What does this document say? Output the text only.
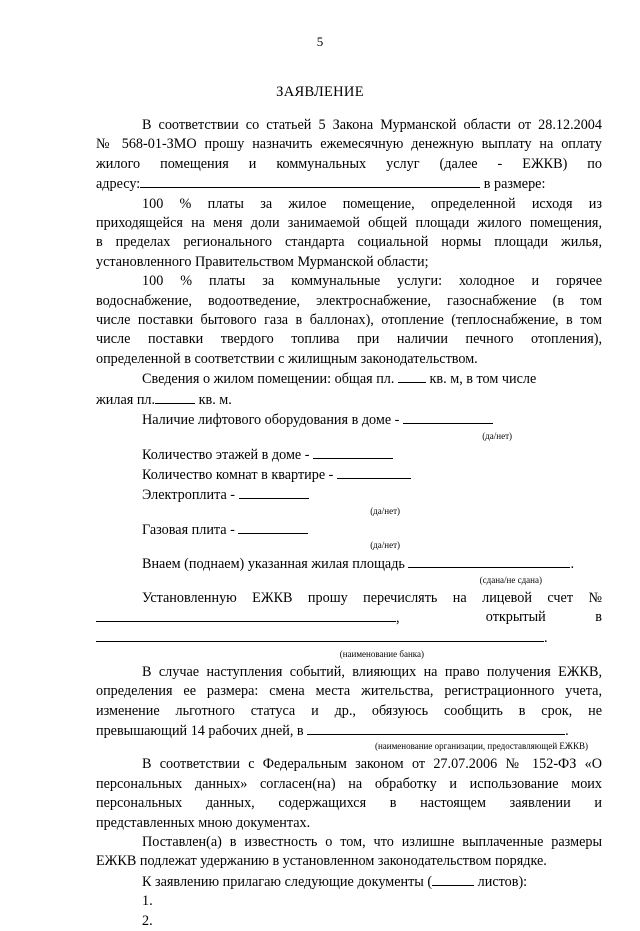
5
ЗАЯВЛЕНИЕ
В соответствии со статьей 5 Закона Мурманской области от 28.12.2004
№ 568-01-ЗМО прошу назначить ежемесячную денежную выплату на оплату
жилого помещения и коммунальных услуг (далее - ЕЖКВ) по
адресу:	в размере:
100 % платы за жилое помещение, определенной исходя из
приходящейся на меня доли занимаемой общей площади жилого помещения,
в пределах регионального стандарта социальной нормы площади жилья,
установленного Правительством Мурманской области;
100 % платы за коммунальные услуги: холодное и горячее
водоснабжение, водоотведение, электроснабжение, газоснабжение (в том
числе поставки бытового газа в баллонах), отопление (теплоснабжение, в том
числе поставки твердого топлива при наличии печного отопления),
определенной в соответствии с жилищным законодательством.
Сведения о жилом помещении: общая пл. кв. м, в том числе
жилая пл.	кв. м.
Наличие лифтового оборудования в доме -
(да/нет)
Количество этажей в доме -
Количество комнат в квартире -
Электроплита -
(да/нет)
Газовая плита -
(да/нет)
Внаем (поднаем) указанная жилая площадь	.
(сдана/не сдана)
Установленную ЕЖКВ прошу перечислять на лицевой счет №
,	открытый в
.
(наименование банка)
В случае наступления событий, влияющих на право получения ЕЖКВ,
определения ее размера: смена места жительства, регистрационного учета,
изменение льготного статуса и др., обязуюсь сообщить в срок, не
превышающий 14 рабочих дней, в	.
(наименование организации, предоставляющей ЕЖКВ)
В соответствии с Федеральным законом от 27.07.2006 № 152-ФЗ «О
персональных данных» согласен(на) на обработку и использование моих
персональных данных, содержащихся в настоящем заявлении и
представленных мною документах.
Поставлен(а) в известность о том, что излишне выплаченные размеры
ЕЖКВ подлежат удержанию в установленном законодательством порядке.
К заявлению прилагаю следующие документы (	листов):
1.
2.
